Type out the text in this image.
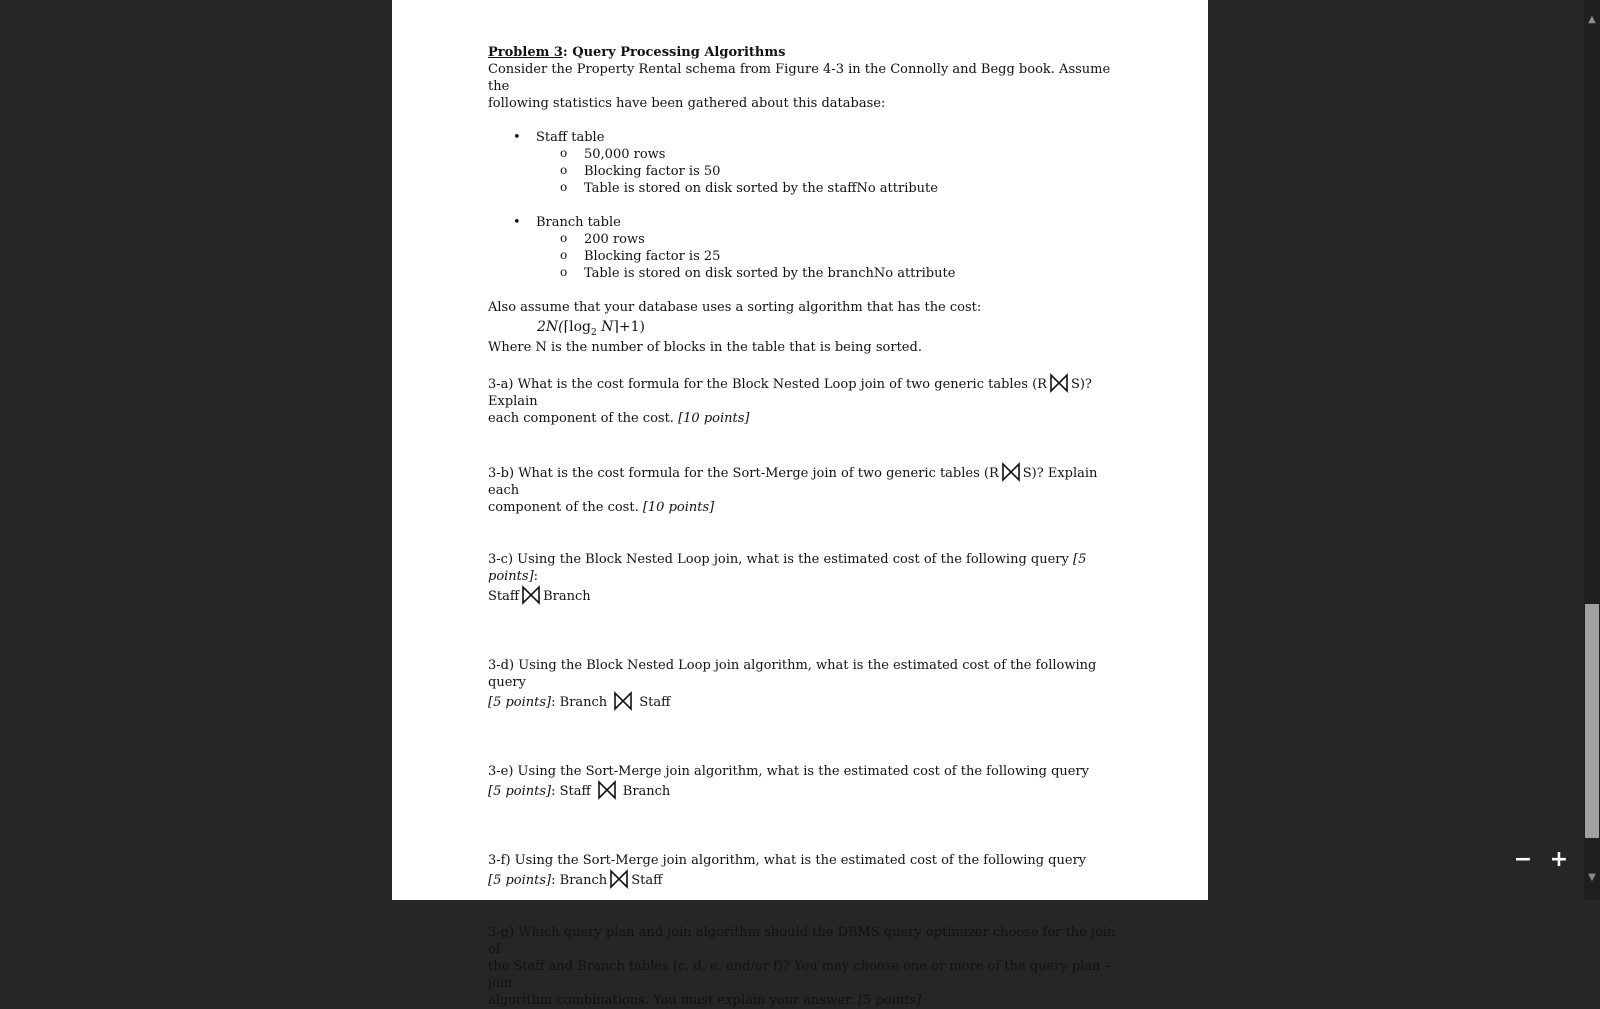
Problem 3: Query Processing Algorithms

Consider the Property Rental schema from Figure 4-3 in the Connolly and Begg book. Assume the

following statistics have been gathered about this database:

• Staff table
o 50,000 rows
o Blocking factor is 50
o Table is stored on disk sorted by the staffNo attribute
• Branch table
o 200 rows
o Blocking factor is 25
o Table is stored on disk sorted by the branchNo attribute

Also assume that your database uses a sorting algorithm that has the cost:

$2N(⌈\log_2$ N⌉+1)

Where N is the number of blocks in the table that is being sorted.

3-a) What is the cost formula for the Block Nested Loop join of two generic tables (R S)? Explain

each component of the cost. [10 points]

3-b) What is the cost formula for the Sort-Merge join of two generic tables (R S)? Explain each

component of the cost. [10 points]

3-c) Using the Block Nested Loop join, what is the estimated cost of the following query [5 points]:

Staff Branch

3-d) Using the Block Nested Loop join algorithm, what is the estimated cost of the following query

[5 points]: Branch Staff

3-e) Using the Sort-Merge join algorithm, what is the estimated cost of the following query

[5 points]: Staff Branch

3-f) Using the Sort-Merge join algorithm, what is the estimated cost of the following query

[5 points]: Branch Staff

3-g) Which query plan and join algorithm should the DBMS query optimizer choose for the join of

the Staff and Branch tables (c, d, e, and/or f)? You may choose one or more of the query plan – join

algorithm combinations. You must explain your answer. [5 points]

− +
▲
▼
